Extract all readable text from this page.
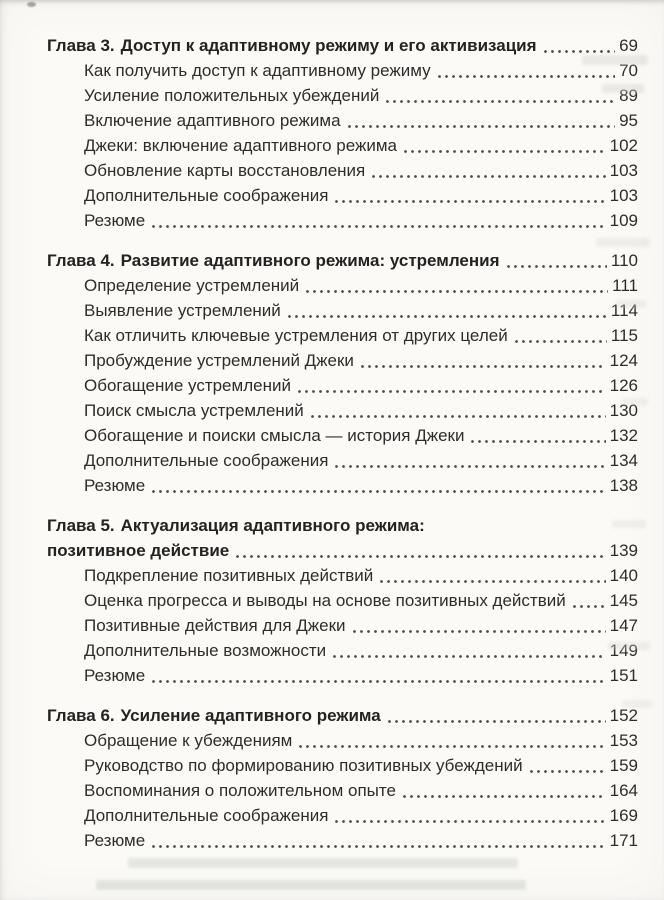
Глава 3. Доступ к адаптивному режиму и его активизация	69
Как получить доступ к адаптивному режиму	70
Усиление положительных убеждений	89
Включение адаптивного режима	95
Джеки: включение адаптивного режима	102
Обновление карты восстановления	103
Дополнительные соображения	103
Резюме	109
Глава 4. Развитие адаптивного режима: устремления	110
Определение устремлений	111
Выявление устремлений	114
Как отличить ключевые устремления от других целей	115
Пробуждение устремлений Джеки	124
Обогащение устремлений	126
Поиск смысла устремлений	130
Обогащение и поиски смысла — история Джеки	132
Дополнительные соображения	134
Резюме	138
Глава 5. Актуализация адаптивного режима:
позитивное действие	139
Подкрепление позитивных действий	140
Оценка прогресса и выводы на основе позитивных действий	145
Позитивные действия для Джеки	147
Дополнительные возможности	149
Резюме	151
Глава 6. Усиление адаптивного режима	152
Обращение к убеждениям	153
Руководство по формированию позитивных убеждений	159
Воспоминания о положительном опыте	164
Дополнительные соображения	169
Резюме	171
